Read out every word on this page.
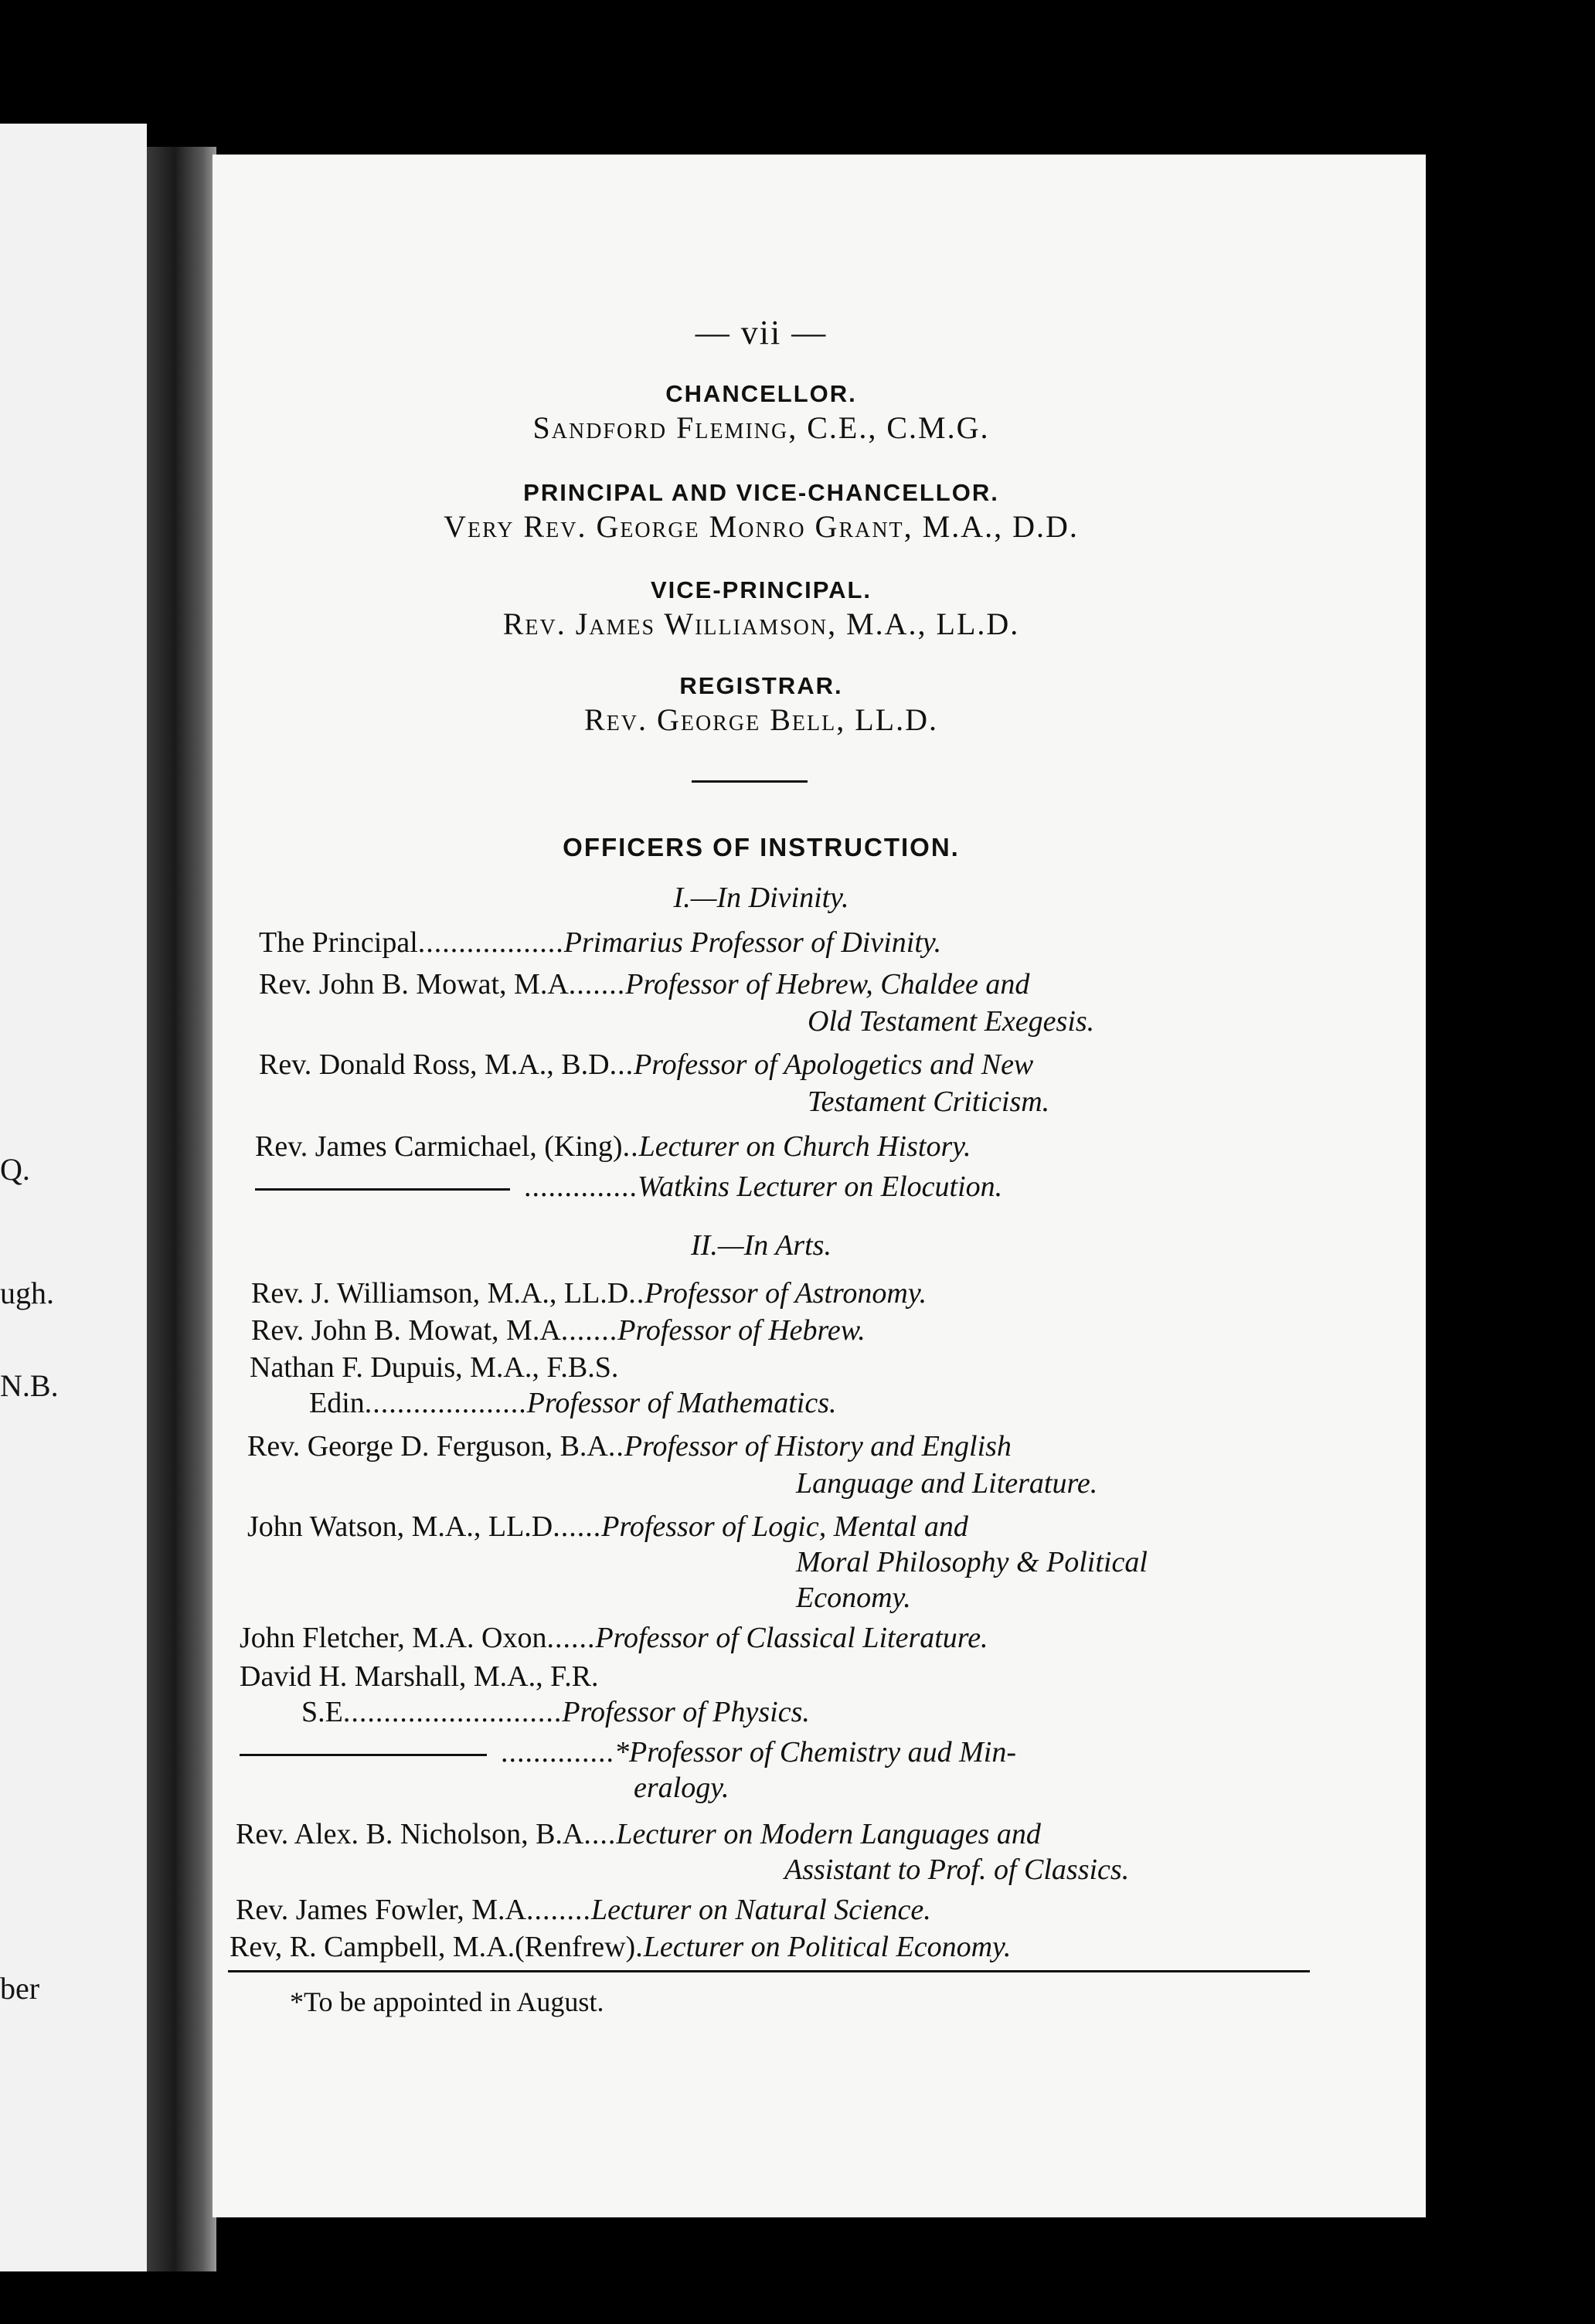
Q.
ugh.
N.B.
ber
— vii —
CHANCELLOR.
Sandford Fleming, C.E., C.M.G.
PRINCIPAL AND VICE-CHANCELLOR.
Very Rev. George Monro Grant, M.A., D.D.
VICE-PRINCIPAL.
Rev. James Williamson, M.A., LL.D.
REGISTRAR.
Rev. George Bell, LL.D.
OFFICERS OF INSTRUCTION.
I.—In Divinity.
The Principal..................Primarius Professor of Divinity.
Rev. John B. Mowat, M.A.......Professor of Hebrew, Chaldee and
Old Testament Exegesis.
Rev. Donald Ross, M.A., B.D...Professor of Apologetics and New
Testament Criticism.
Rev. James Carmichael, (King)..Lecturer on Church History.
..............Watkins Lecturer on Elocution.
II.—In Arts.
Rev. J. Williamson, M.A., LL.D..Professor of Astronomy.
Rev. John B. Mowat, M.A.......Professor of Hebrew.
Nathan F. Dupuis, M.A., F.B.S.
Edin....................Professor of Mathematics.
Rev. George D. Ferguson, B.A..Professor of History and English
Language and Literature.
John Watson, M.A., LL.D......Professor of Logic, Mental and
Moral Philosophy & Political
Economy.
John Fletcher, M.A. Oxon......Professor of Classical Literature.
David H. Marshall, M.A., F.R.
S.E...........................Professor of Physics.
..............*Professor of Chemistry aud Min-
eralogy.
Rev. Alex. B. Nicholson, B.A....Lecturer on Modern Languages and
Assistant to Prof. of Classics.
Rev. James Fowler, M.A........Lecturer on Natural Science.
Rev, R. Campbell, M.A.(Renfrew).Lecturer on Political Economy.
*To be appointed in August.
